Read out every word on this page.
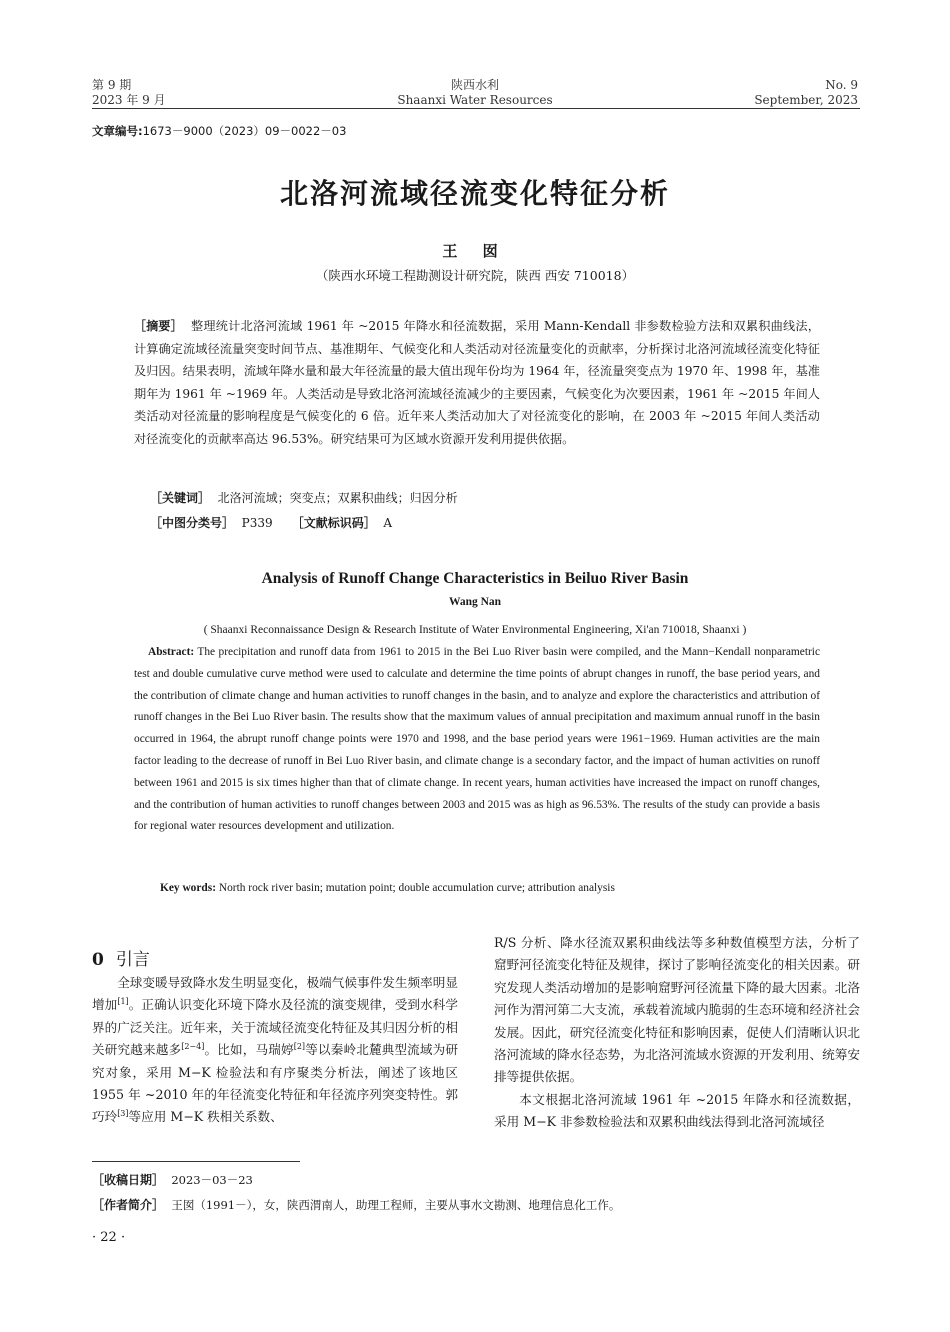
第 9 期
2023 年 9 月
陕西水利
Shaanxi Water Resources
No. 9
September, 2023
文章编号:1673－9000（2023）09－0022－03
北洛河流域径流变化特征分析
王 囡
（陕西水环境工程勘测设计研究院，陕西 西安 710018）
［摘要］ 整理统计北洛河流域 1961 年 ~2015 年降水和径流数据，采用 Mann-Kendall 非参数检验方法和双累积曲线法，计算确定流域径流量突变时间节点、基准期年、气候变化和人类活动对径流量变化的贡献率，分析探讨北洛河流域径流变化特征及归因。结果表明，流域年降水量和最大年径流量的最大值出现年份均为 1964 年，径流量突变点为 1970 年、1998 年，基准期年为 1961 年 ~1969 年。人类活动是导致北洛河流域径流减少的主要因素，气候变化为次要因素，1961 年 ~2015 年间人类活动对径流量的影响程度是气候变化的 6 倍。近年来人类活动加大了对径流变化的影响，在 2003 年 ~2015 年间人类活动对径流变化的贡献率高达 96.53%。研究结果可为区域水资源开发利用提供依据。
［关键词］ 北洛河流域；突变点；双累积曲线；归因分析
［中图分类号］ P339 ［文献标识码］ A
Analysis of Runoff Change Characteristics in Beiluo River Basin
Wang Nan
( Shaanxi Reconnaissance Design & Research Institute of Water Environmental Engineering, Xi'an 710018, Shaanxi )
Abstract: The precipitation and runoff data from 1961 to 2015 in the Bei Luo River basin were compiled, and the Mann−Kendall nonparametric test and double cumulative curve method were used to calculate and determine the time points of abrupt changes in runoff, the base period years, and the contribution of climate change and human activities to runoff changes in the basin, and to analyze and explore the characteristics and attribution of runoff changes in the Bei Luo River basin. The results show that the maximum values of annual precipitation and maximum annual runoff in the basin occurred in 1964, the abrupt runoff change points were 1970 and 1998, and the base period years were 1961−1969. Human activities are the main factor leading to the decrease of runoff in Bei Luo River basin, and climate change is a secondary factor, and the impact of human activities on runoff between 1961 and 2015 is six times higher than that of climate change. In recent years, human activities have increased the impact on runoff changes, and the contribution of human activities to runoff changes between 2003 and 2015 was as high as 96.53%. The results of the study can provide a basis for regional water resources development and utilization.
Key words: North rock river basin; mutation point; double accumulation curve; attribution analysis
0 引言

全球变暖导致降水发生明显变化，极端气候事件发生频率明显增加[1]。正确认识变化环境下降水及径流的演变规律，受到水科学界的广泛关注。近年来，关于流域径流变化特征及其归因分析的相关研究越来越多[2−4]。比如，马瑞婷[2]等以秦岭北麓典型流域为研究对象，采用 M−K 检验法和有序聚类分析法，阐述了该地区 1955 年 ~2010 年的年径流变化特征和年径流序列突变特性。郭巧玲[3]等应用 M−K 秩相关系数、

R/S 分析、降水径流双累积曲线法等多种数值模型方法，分析了窟野河径流变化特征及规律，探讨了影响径流变化的相关因素。研究发现人类活动增加的是影响窟野河径流量下降的最大因素。北洛河作为渭河第二大支流，承载着流域内脆弱的生态环境和经济社会发展。因此，研究径流变化特征和影响因素，促使人们清晰认识北洛河流域的降水径态势，为北洛河流域水资源的开发利用、统筹安排等提供依据。

本文根据北洛河流域 1961 年 ~2015 年降水和径流数据，采用 M−K 非参数检验法和双累积曲线法得到北洛河流域径

［收稿日期］ 2023－03－23
［作者简介］ 王囡（1991－），女，陕西渭南人，助理工程师，主要从事水文勘测、地理信息化工作。
· 22 ·
